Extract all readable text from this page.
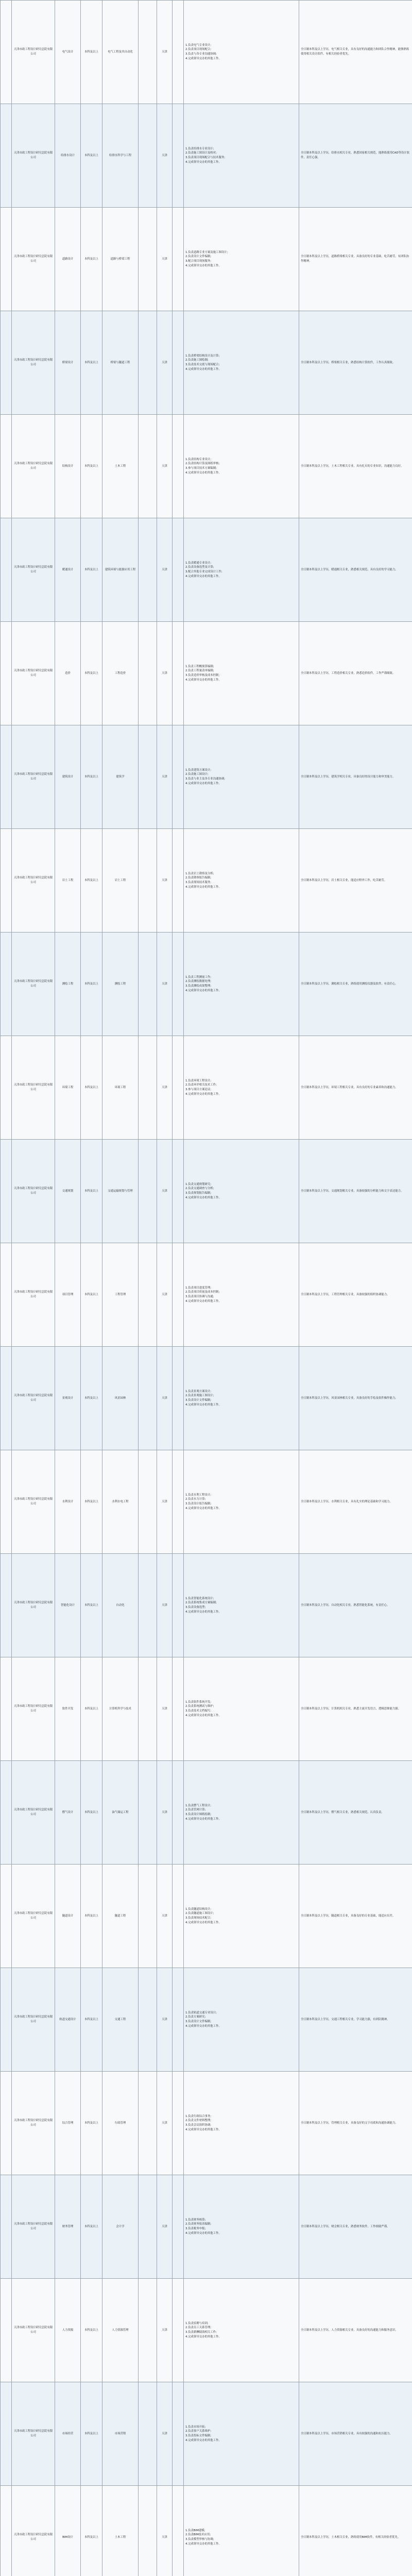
	天津市政工程设计研究总院有限公司	电气设计	本科及以上	电气工程及其自动化		天津		1.负责电气专业设计;
2.负责项目现场配合;
3.负责与各专业沟通协调;
4.完成领导交办的其他工作。	全日制本科及以上学历，电气相关专业，具有良好的沟通能力和团队合作精神，能够熟练使用相关设计软件，有相关经验者优先。

	天津市政工程设计研究总院有限公司	给排水设计	本科及以上	给排水科学与工程		天津		1.负责给排水专业设计;
2.负责施工图设计及校对;
3.负责项目现场配合与技术服务;
4.完成领导交办的其他工作。	全日制本科及以上学历，给排水相关专业，熟悉国家相关规范，能熟练使用CAD等设计软件，责任心强。

	天津市政工程设计研究总院有限公司	道路设计	本科及以上	道路与桥梁工程		天津		1.负责道路专业方案及施工图设计;
2.负责设计文件编制;
3.配合项目现场服务;
4.完成领导交办的其他工作。	全日制本科及以上学历，道路桥梁相关专业，具备良好的专业基础，吃苦耐劳，有团队协作精神。

	天津市政工程设计研究总院有限公司	桥梁设计	本科及以上	桥梁与隧道工程		天津		1.负责桥梁结构设计及计算;
2.负责施工图绘制;
3.负责技术交底与现场配合;
4.完成领导交办的其他工作。	全日制本科及以上学历，桥梁相关专业，熟悉结构计算软件，工作认真细致。

	天津市政工程设计研究总院有限公司	结构设计	本科及以上	土木工程		天津		1.负责结构专业设计;
2.负责结构计算及图纸审核;
3.参与项目技术方案编制;
4.完成领导交办的其他工作。	全日制本科及以上学历，土木工程相关专业，具有扎实的专业知识，沟通能力良好。

	天津市政工程设计研究总院有限公司	暖通设计	本科及以上	建筑环境与能源应用工程		天津		1.负责暖通专业设计;
2.负责设备选型及计算;
3.配合其他专业完成设计工作;
4.完成领导交办的其他工作。	全日制本科及以上学历，暖通相关专业，熟悉相关规范，具有良好的学习能力。

	天津市政工程设计研究总院有限公司	造价	本科及以上	工程造价		天津		1.负责工程概预算编制;
2.负责工程量清单编制;
3.负责造价审核及成本控制;
4.完成领导交办的其他工作。	全日制本科及以上学历，工程造价相关专业，熟悉造价软件，工作严谨细致。

	天津市政工程设计研究总院有限公司	建筑设计	本科及以上	建筑学		天津		1.负责建筑方案设计;
2.负责施工图设计;
3.负责与业主及各专业沟通协调;
4.完成领导交办的其他工作。	全日制本科及以上学历，建筑学相关专业，具备良好的设计能力和审美能力。

	天津市政工程设计研究总院有限公司	岩土工程	本科及以上	岩土工程		天津		1.负责岩土勘察及分析;
2.负责勘察报告编制;
3.负责现场技术服务;
4.完成领导交办的其他工作。	全日制本科及以上学历，岩土相关专业，能适应野外工作，吃苦耐劳。

	天津市政工程设计研究总院有限公司	测绘工程	本科及以上	测绘工程		天津		1.负责工程测量工作;
2.负责测绘数据处理;
3.负责测绘成果整理;
4.完成领导交办的其他工作。	全日制本科及以上学历，测绘相关专业，熟练使用测绘仪器及软件，有责任心。

	天津市政工程设计研究总院有限公司	环境工程	本科及以上	环境工程		天津		1.负责环境工程设计;
2.负责环评相关技术工作;
3.参与项目方案论证;
4.完成领导交办的其他工作。	全日制本科及以上学历，环境工程相关专业，具有良好的专业素养和沟通能力。

	天津市政工程设计研究总院有限公司	交通规划	本科及以上	交通运输规划与管理		天津		1.负责交通规划研究;
2.负责交通调查与分析;
3.负责规划报告编制;
4.完成领导交办的其他工作。	全日制本科及以上学历，交通规划相关专业，具备较强的分析能力和文字表达能力。

	天津市政工程设计研究总院有限公司	项目管理	本科及以上	工程管理		天津		1.负责项目进度管理;
2.负责项目质量及成本控制;
3.负责项目协调与沟通;
4.完成领导交办的其他工作。	全日制本科及以上学历，工程管理相关专业，具备较强的组织协调能力。

	天津市政工程设计研究总院有限公司	景观设计	本科及以上	风景园林		天津		1.负责景观方案设计;
2.负责景观施工图设计;
3.负责设计文件编制;
4.完成领导交办的其他工作。	全日制本科及以上学历，风景园林相关专业，具备良好的手绘及软件操作能力。

	天津市政工程设计研究总院有限公司	水利设计	本科及以上	水利水电工程		天津		1.负责水利工程设计;
2.负责水力计算;
3.负责设计报告编制;
4.完成领导交办的其他工作。	全日制本科及以上学历，水利相关专业，具有扎实的理论基础和学习能力。

	天津市政工程设计研究总院有限公司	智能化设计	本科及以上	自动化		天津		1.负责智能化系统设计;
2.负责系统集成方案编制;
3.负责设备选型;
4.完成领导交办的其他工作。	全日制本科及以上学历，自动化相关专业，熟悉智能化系统，有责任心。

	天津市政工程设计研究总院有限公司	软件开发	本科及以上	计算机科学与技术		天津		1.负责软件系统开发;
2.负责系统测试与维护;
3.负责技术文档编写;
4.完成领导交办的其他工作。	全日制本科及以上学历，计算机相关专业，熟悉主流开发语言，逻辑思维能力强。

	天津市政工程设计研究总院有限公司	燃气设计	本科及以上	油气储运工程		天津		1.负责燃气工程设计;
2.负责管网计算;
3.负责设计图纸绘制;
4.完成领导交办的其他工作。	全日制本科及以上学历，燃气相关专业，熟悉相关规范，认真负责。

	天津市政工程设计研究总院有限公司	隧道设计	本科及以上	隧道工程		天津		1.负责隧道结构设计;
2.负责隧道施工图设计;
3.负责现场技术配合;
4.完成领导交办的其他工作。	全日制本科及以上学历，隧道相关专业，具备良好的专业基础，能适应出差。

	天津市政工程设计研究总院有限公司	轨道交通设计	本科及以上	交通工程		天津		1.负责轨道交通专业设计;
2.负责方案研究;
3.负责设计文件编制;
4.完成领导交办的其他工作。	全日制本科及以上学历，交通工程相关专业，学习能力强，有团队精神。

	天津市政工程设计研究总院有限公司	综合管理	本科及以上	行政管理		天津		1.负责行政综合事务;
2.负责文件材料整理;
3.负责会议组织协调;
4.完成领导交办的其他工作。	全日制本科及以上学历，管理相关专业，具备良好的文字功底和沟通协调能力。

	天津市政工程设计研究总院有限公司	财务管理	本科及以上	会计学		天津		1.负责财务核算;
2.负责财务报表编制;
3.负责税务申报;
4.完成领导交办的其他工作。	全日制本科及以上学历，财会相关专业，熟悉财务软件，工作细致严谨。

	天津市政工程设计研究总院有限公司	人力资源	本科及以上	人力资源管理		天津		1.负责招聘与培训;
2.负责员工关系管理;
3.负责薪酬绩效相关工作;
4.完成领导交办的其他工作。	全日制本科及以上学历，人力资源相关专业，具备良好的沟通能力和服务意识。

	天津市政工程设计研究总院有限公司	市场经营	本科及以上	市场营销		天津		1.负责市场开拓;
2.负责客户关系维护;
3.负责投标文件编制;
4.完成领导交办的其他工作。	全日制本科及以上学历，市场营销相关专业，具有较强的沟通和抗压能力。

	天津市政工程设计研究总院有限公司	BIM设计	本科及以上	土木工程		天津		1.负责BIM建模;
2.负责BIM技术应用;
3.负责模型审核与协调;
4.完成领导交办的其他工作。	全日制本科及以上学历，土木相关专业，熟练使用BIM软件，有相关经验者优先。
